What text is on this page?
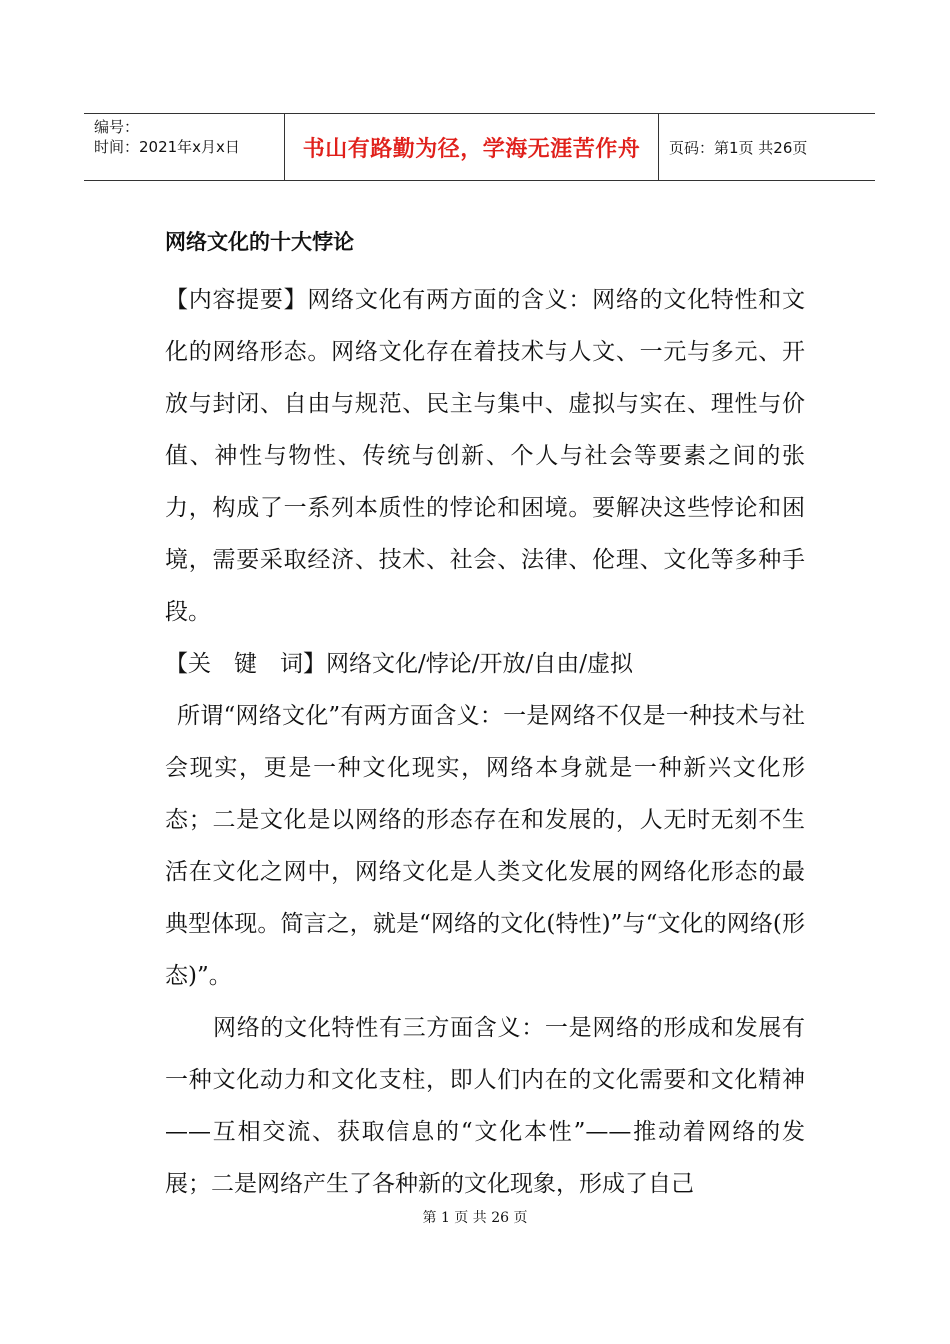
编号：
时间：2021年x月x日	书山有路勤为径，学海无涯苦作舟	页码：第1页 共26页
网络文化的十大悖论

【内容提要】网络文化有两方面的含义：网络的文化特性和文化的网络形态。网络文化存在着技术与人文、一元与多元、开放与封闭、自由与规范、民主与集中、虚拟与实在、理性与价值、神性与物性、传统与创新、个人与社会等要素之间的张力，构成了一系列本质性的悖论和困境。要解决这些悖论和困境，需要采取经济、技术、社会、法律、伦理、文化等多种手段。

【关　键　词】网络文化/悖论/开放/自由/虚拟

所谓“网络文化”有两方面含义：一是网络不仅是一种技术与社会现实，更是一种文化现实，网络本身就是一种新兴文化形态；二是文化是以网络的形态存在和发展的，人无时无刻不生活在文化之网中，网络文化是人类文化发展的网络化形态的最典型体现。简言之，就是“网络的文化(特性)”与“文化的网络(形态)”。

网络的文化特性有三方面含义：一是网络的形成和发展有一种文化动力和文化支柱，即人们内在的文化需要和文化精神——互相交流、获取信息的“文化本性”——推动着网络的发展；二是网络产生了各种新的文化现象，形成了自己

第 1 页 共 26 页
